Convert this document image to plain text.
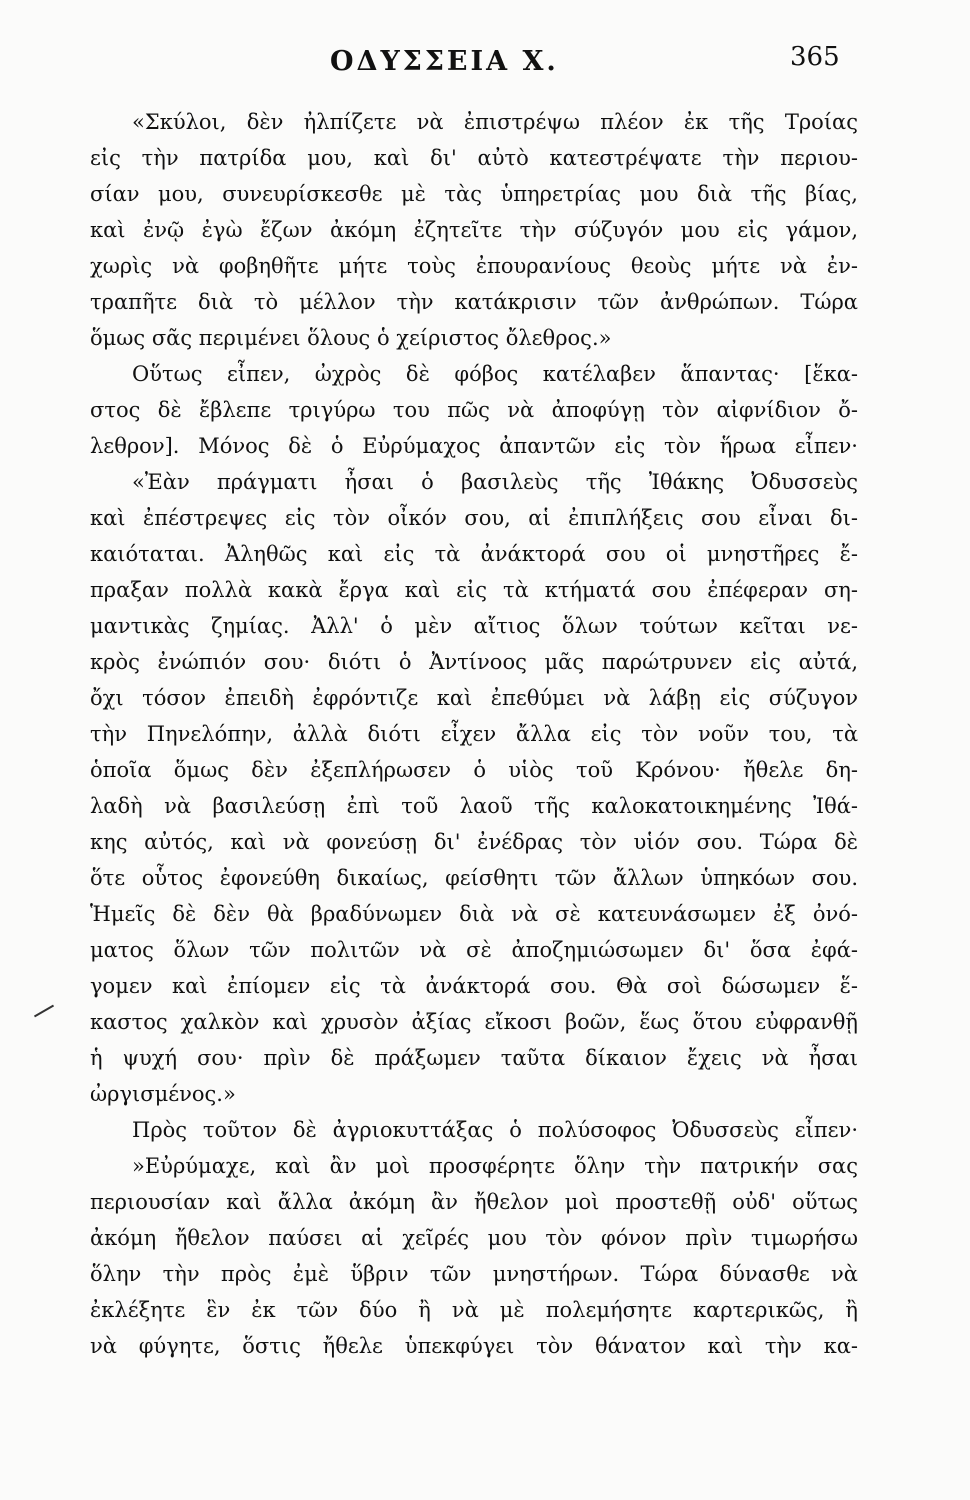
ΟΔΥΣΣΕΙΑ Χ.	365
«Σκύλοι, δὲν ἠλπίζετε νὰ ἐπιστρέψω πλέον ἐκ τῆς Τροίας
εἰς τὴν πατρίδα μου, καὶ δι' αὐτὸ κατεστρέψατε τὴν περιου-
σίαν μου, συνευρίσκεσθε μὲ τὰς ὑπηρετρίας μου διὰ τῆς βίας,
καὶ ἐνῷ ἐγὼ ἔζων ἀκόμη ἐζητεῖτε τὴν σύζυγόν μου εἰς γάμον,
χωρὶς νὰ φοβηθῆτε μήτε τοὺς ἐπουρανίους θεοὺς μήτε νὰ ἐν-
τραπῆτε διὰ τὸ μέλλον τὴν κατάκρισιν τῶν ἀνθρώπων. Τώρα
ὅμως σᾶς περιμένει ὅλους ὁ χείριστος ὄλεθρος.»
Οὕτως εἶπεν, ὠχρὸς δὲ φόβος κατέλαβεν ἅπαντας· [ἕκα-
στος δὲ ἔβλεπε τριγύρω του πῶς νὰ ἀποφύγῃ τὸν αἰφνίδιον ὄ-
λεθρον]. Μόνος δὲ ὁ Εὐρύμαχος ἀπαντῶν εἰς τὸν ἥρωα εἶπεν·
«Ἐὰν πράγματι ἦσαι ὁ βασιλεὺς τῆς Ἰθάκης Ὀδυσσεὺς
καὶ ἐπέστρεψες εἰς τὸν οἶκόν σου, αἱ ἐπιπλήξεις σου εἶναι δι-
καιόταται. Ἀληθῶς καὶ εἰς τὰ ἀνάκτορά σου οἱ μνηστῆρες ἔ-
πραξαν πολλὰ κακὰ ἔργα καὶ εἰς τὰ κτήματά σου ἐπέφεραν ση-
μαντικὰς ζημίας. Ἀλλ' ὁ μὲν αἴτιος ὅλων τούτων κεῖται νε-
κρὸς ἐνώπιόν σου· διότι ὁ Ἀντίνοος μᾶς παρώτρυνεν εἰς αὐτά,
ὄχι τόσον ἐπειδὴ ἐφρόντιζε καὶ ἐπεθύμει νὰ λάβῃ εἰς σύζυγον
τὴν Πηνελόπην, ἀλλὰ διότι εἶχεν ἄλλα εἰς τὸν νοῦν του, τὰ
ὁποῖα ὅμως δὲν ἐξεπλήρωσεν ὁ υἱὸς τοῦ Κρόνου· ἤθελε δη-
λαδὴ νὰ βασιλεύσῃ ἐπὶ τοῦ λαοῦ τῆς καλοκατοικημένης Ἰθά-
κης αὐτός, καὶ νὰ φονεύσῃ δι' ἐνέδρας τὸν υἱόν σου. Τώρα δὲ
ὅτε οὗτος ἐφονεύθη δικαίως, φείσθητι τῶν ἄλλων ὑπηκόων σου.
Ἡμεῖς δὲ δὲν θὰ βραδύνωμεν διὰ νὰ σὲ κατευνάσωμεν ἐξ ὀνό-
ματος ὅλων τῶν πολιτῶν νὰ σὲ ἀποζημιώσωμεν δι' ὅσα ἐφά-
γομεν καὶ ἐπίομεν εἰς τὰ ἀνάκτορά σου. Θὰ σοὶ δώσωμεν ἕ-
καστος χαλκὸν καὶ χρυσὸν ἀξίας εἴκοσι βοῶν, ἕως ὅτου εὐφρανθῇ
ἡ ψυχή σου· πρὶν δὲ πράξωμεν ταῦτα δίκαιον ἔχεις νὰ ἦσαι
ὠργισμένος.»
Πρὸς τοῦτον δὲ ἀγριοκυττάξας ὁ πολύσοφος Ὀδυσσεὺς εἶπεν·
»Εὐρύμαχε, καὶ ἂν μοὶ προσφέρητε ὅλην τὴν πατρικήν σας
περιουσίαν καὶ ἄλλα ἀκόμη ἂν ἤθελον μοὶ προστεθῇ οὐδ' οὕτως
ἀκόμη ἤθελον παύσει αἱ χεῖρές μου τὸν φόνον πρὶν τιμωρήσω
ὅλην τὴν πρὸς ἐμὲ ὕβριν τῶν μνηστήρων. Τώρα δύνασθε νὰ
ἐκλέξητε ἓν ἐκ τῶν δύο ἢ νὰ μὲ πολεμήσητε καρτερικῶς, ἢ
νὰ φύγητε, ὅστις ἤθελε ὑπεκφύγει τὸν θάνατον καὶ τὴν κα-
